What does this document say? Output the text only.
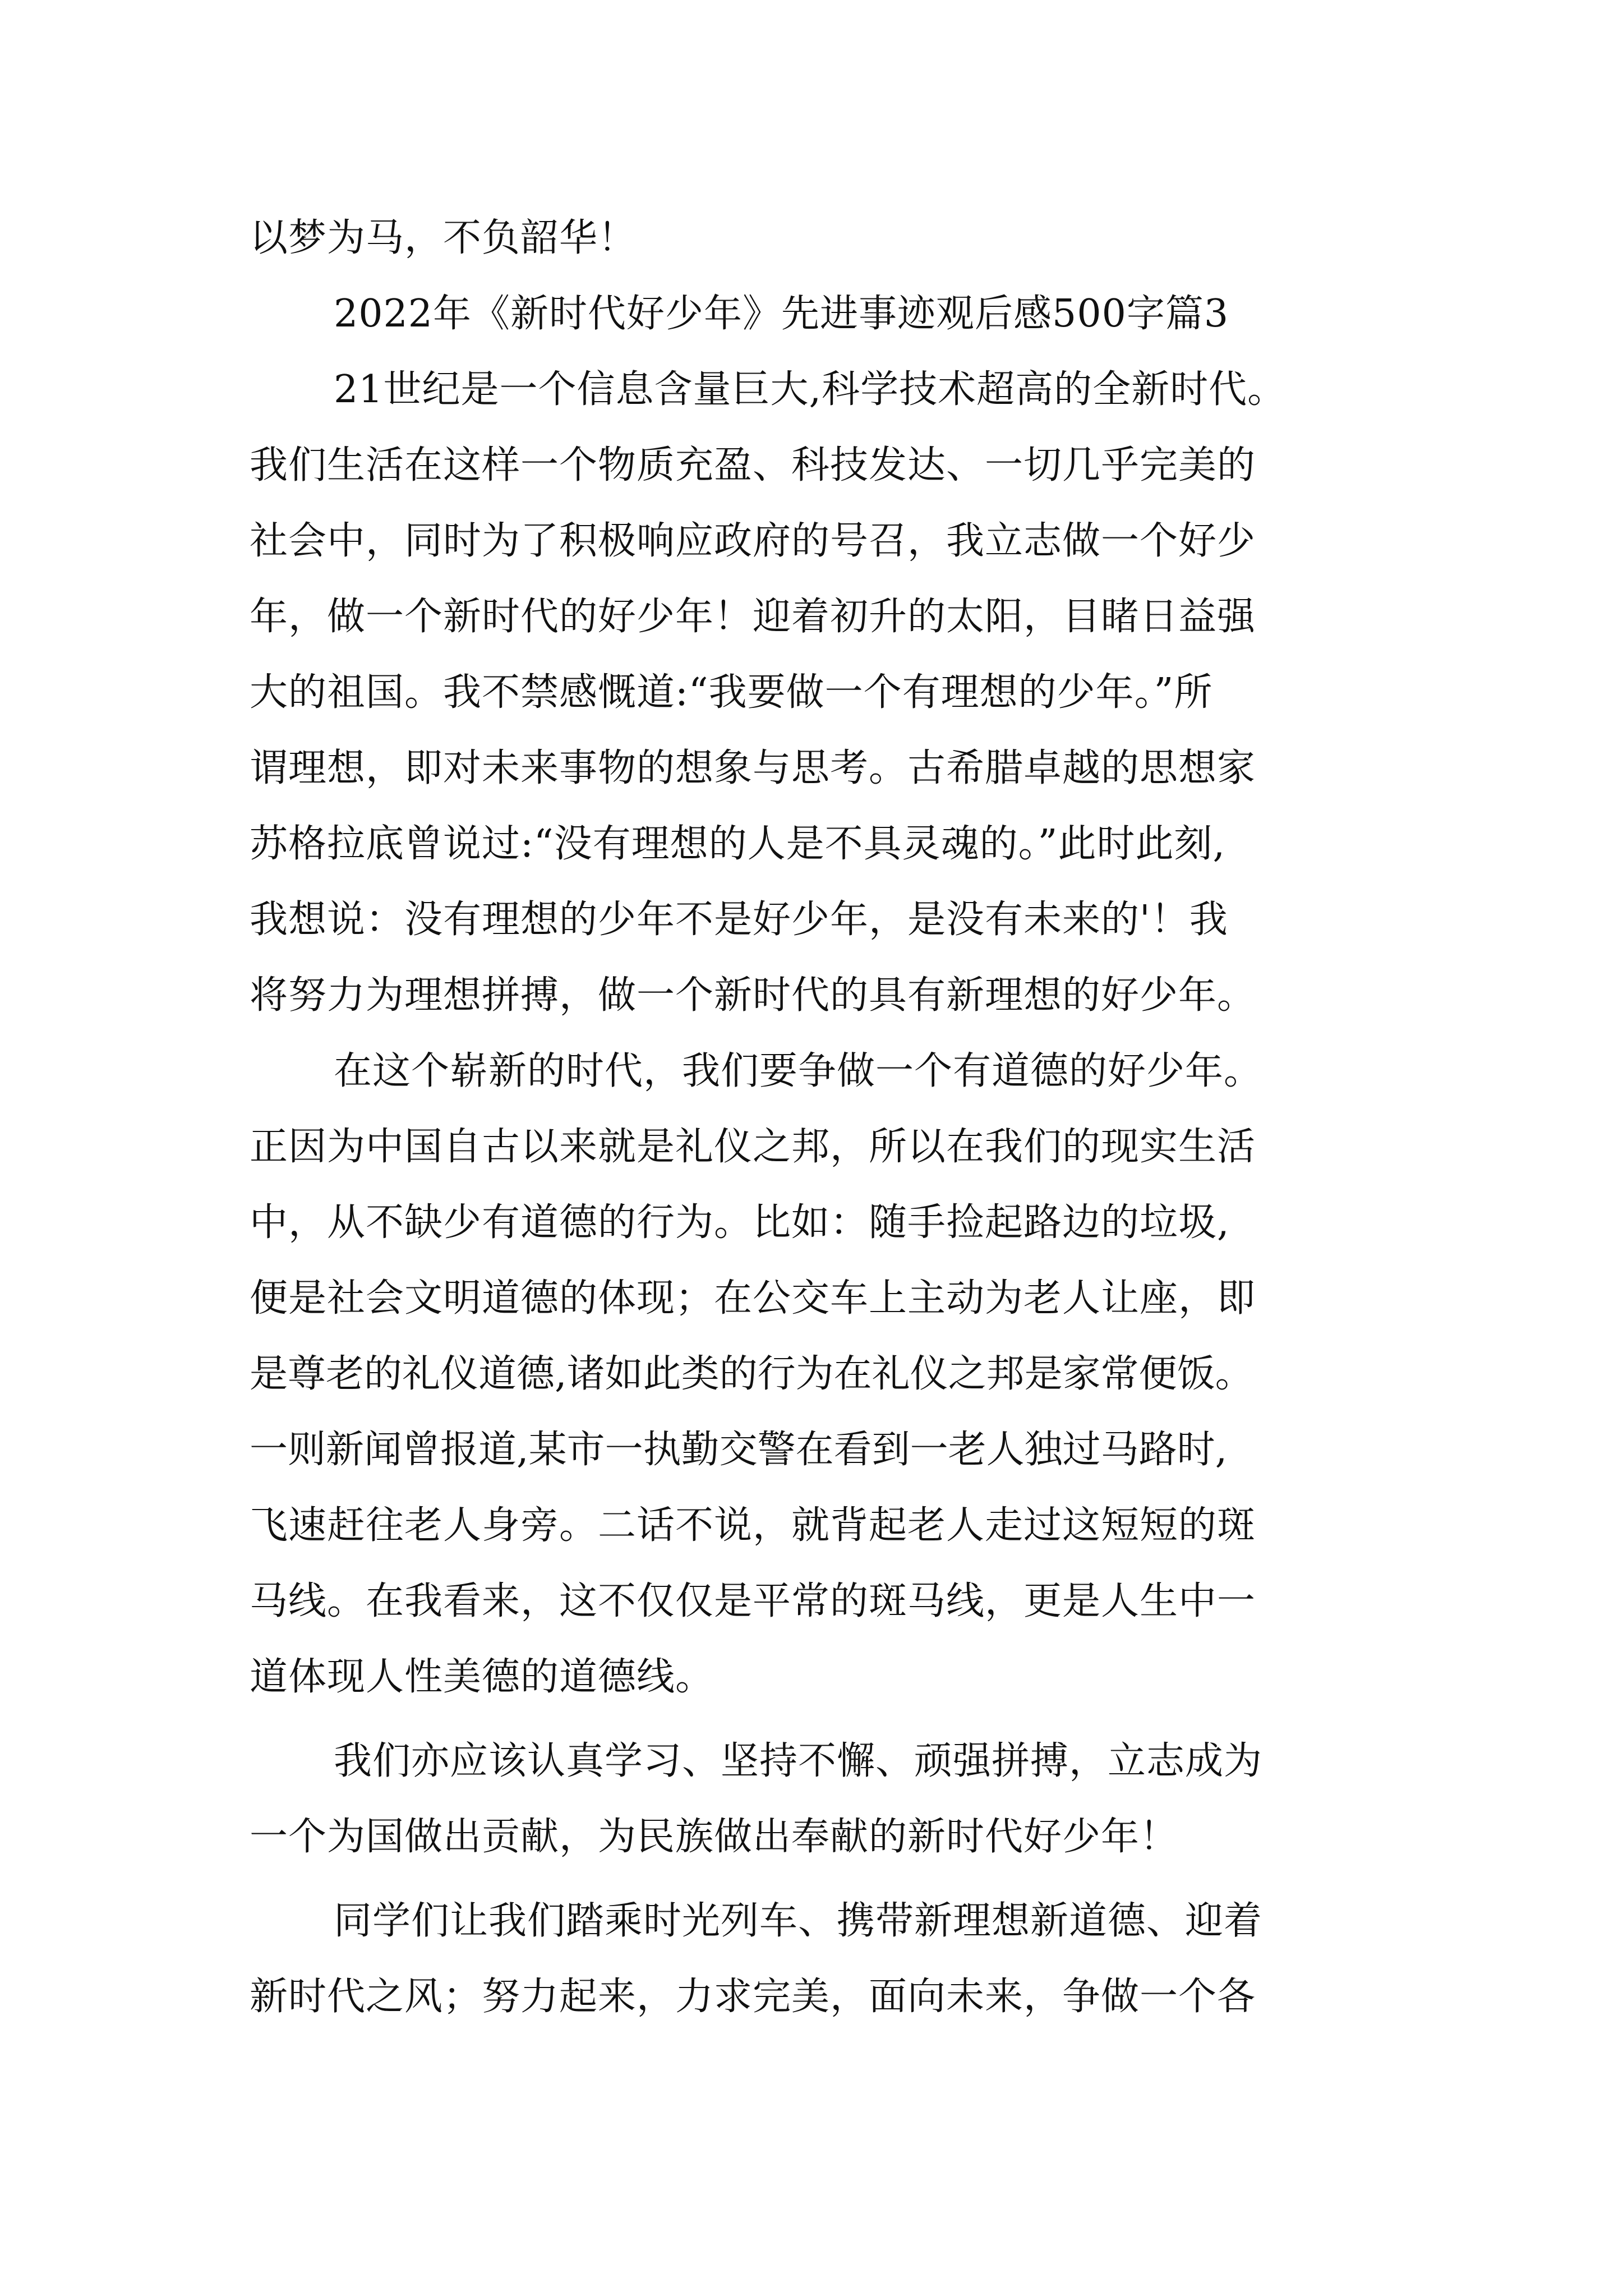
以梦为马，不负韶华！
2022年《新时代好少年》先进事迹观后感500字篇3
21世纪是一个信息含量巨大,科学技术超高的全新时代。
我们生活在这样一个物质充盈、科技发达、一切几乎完美的
社会中，同时为了积极响应政府的号召，我立志做一个好少
年，做一个新时代的好少年！迎着初升的太阳，目睹日益强
大的祖国。我不禁感慨道:“我要做一个有理想的少年。”所
谓理想，即对未来事物的想象与思考。古希腊卓越的思想家
苏格拉底曾说过:“没有理想的人是不具灵魂的。”此时此刻,
我想说：没有理想的少年不是好少年，是没有未来的'！我
将努力为理想拼搏，做一个新时代的具有新理想的好少年。
在这个崭新的时代，我们要争做一个有道德的好少年。
正因为中国自古以来就是礼仪之邦，所以在我们的现实生活
中，从不缺少有道德的行为。比如：随手捡起路边的垃圾,
便是社会文明道德的体现；在公交车上主动为老人让座，即
是尊老的礼仪道德,诸如此类的行为在礼仪之邦是家常便饭。
一则新闻曾报道,某市一执勤交警在看到一老人独过马路时,
飞速赶往老人身旁。二话不说，就背起老人走过这短短的斑
马线。在我看来，这不仅仅是平常的斑马线，更是人生中一
道体现人性美德的道德线。
我们亦应该认真学习、坚持不懈、顽强拼搏，立志成为
一个为国做出贡献，为民族做出奉献的新时代好少年！
同学们让我们踏乘时光列车、携带新理想新道德、迎着
新时代之风；努力起来，力求完美，面向未来，争做一个各
